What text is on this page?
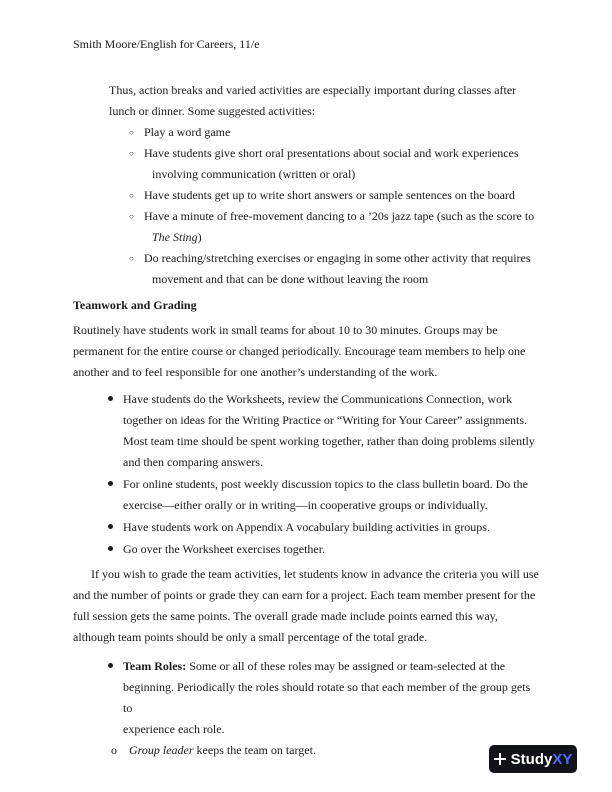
Smith Moore/English for Careers, 11/e

Thus, action breaks and varied activities are especially important during classes after

lunch or dinner. Some suggested activities:

○ Play a word game
○ Have students give short oral presentations about social and work experiences
involving communication (written or oral)
○ Have students get up to write short answers or sample sentences on the board
○ Have a minute of free-movement dancing to a ’20s jazz tape (such as the score to
The Sting)
○ Do reaching/stretching exercises or engaging in some other activity that requires
movement and that can be done without leaving the room
Teamwork and Grading

Routinely have students work in small teams for about 10 to 30 minutes. Groups may be permanent for the entire course or changed periodically. Encourage team members to help one another and to feel responsible for one another’s understanding of the work.

Have students do the Worksheets, review the Communications Connection, work together on ideas for the Writing Practice or “Writing for Your Career” assignments. Most team time should be spent working together, rather than doing problems silently and then comparing answers.
For online students, post weekly discussion topics to the class bulletin board. Do the exercise—either orally or in writing—in cooperative groups or individually.
Have students work on Appendix A vocabulary building activities in groups.
Go over the Worksheet exercises together.

If you wish to grade the team activities, let students know in advance the criteria you will use and the number of points or grade they can earn for a project. Each team member present for the full session gets the same points. The overall grade made include points earned this way, although team points should be only a small percentage of the total grade.

Team Roles: Some or all of these roles may be assigned or team-selected at the
beginning. Periodically the roles should rotate so that each member of the group gets to
experience each role.
o Group leader keeps the team on target.
StudyXY
